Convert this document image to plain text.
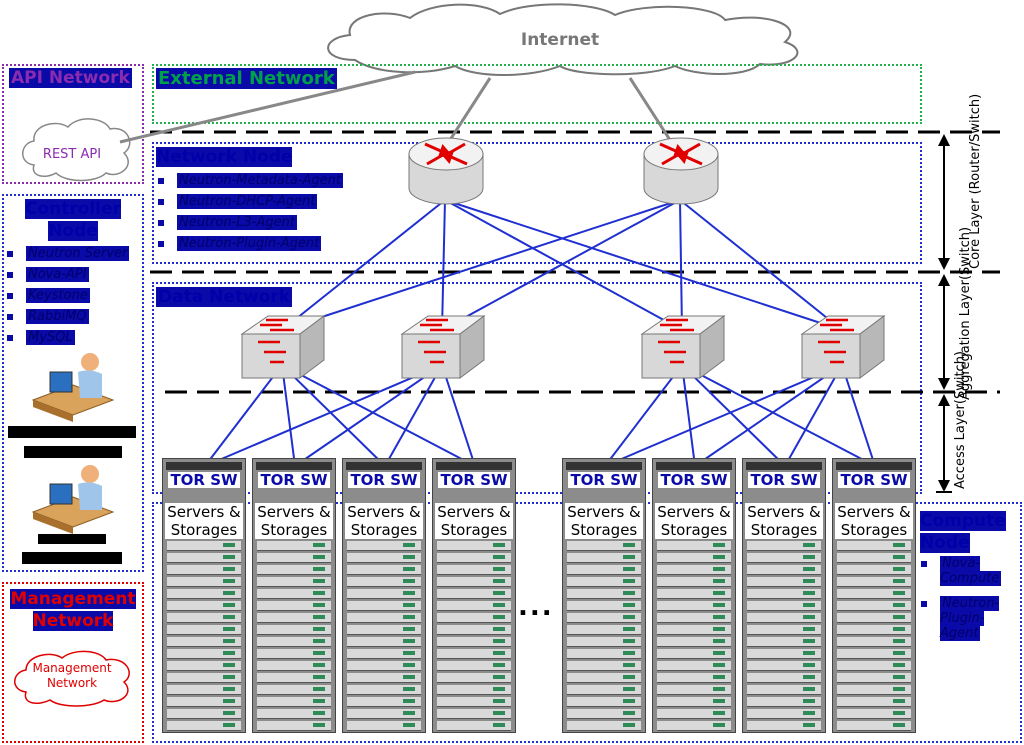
Internet
External Network
API Network
REST API	Network Node
Neutron-Metadata-Agent
Neutron-DHCP-Agent
Neutron-L3-Agent
Neutron-Plugin-Agent
Controller Node
Neutron Server
Nova-API
Keystone
RabbiMQ
MySQL
Management Network
Management Network
Data Network
Compute Node
Nova-Compute
Neutron-Plugin-Agent
Core Layer (Router/Switch)
Aggregation Layer(Switch)
Access Layer(Switch)
TOR SW
Servers &
Storages
TOR SW
Servers &
Storages
TOR SW
Servers &
Storages
TOR SW
Servers &
Storages
TOR SW
Servers &
Storages
TOR SW
Servers &
Storages
TOR SW
Servers &
Storages
TOR SW
Servers &
Storages
...
